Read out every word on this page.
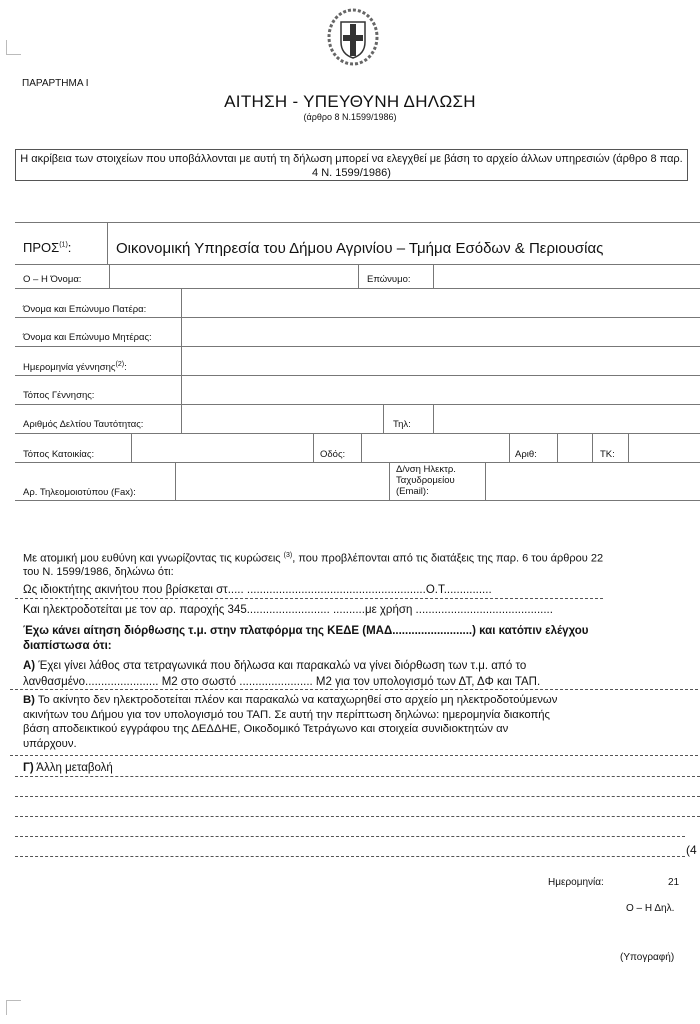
ΠΑΡΑΡΤΗΜΑ Ι
ΑΙΤΗΣΗ - ΥΠΕΥΘΥΝΗ ΔΗΛΩΣΗ
(άρθρο 8 Ν.1599/1986)
Η ακρίβεια των στοιχείων που υποβάλλονται με αυτή τη δήλωση μπορεί να ελεγχθεί με βάση το αρχείο άλλων υπηρεσιών (άρθρο 8 παρ. 4 Ν. 1599/1986)
ΠΡΟΣ$^{(1)}$:	Οικονομική Υπηρεσία του Δήμου Αγρινίου – Τμήμα Εσόδων & Περιουσίας
Ο – Η Όνομα:	Επώνυμο:
Όνομα και Επώνυμο Πατέρα:
Όνομα και Επώνυμο Μητέρας:
Ημερομηνία γέννησης$^{(2)}$:
Τόπος Γέννησης:
Αριθμός Δελτίου Ταυτότητας:	Τηλ:
Τόπος Κατοικίας:	Οδός:	Αριθ:	ΤΚ:
Αρ. Τηλεομοιοτύπου (Fax):
Δ/νση Ηλεκτρ.
Ταχυδρομείου
(Email):
Με ατομική μου ευθύνη και γνωρίζοντας τις κυρώσεις $^{(3)}$, που προβλέπονται από τις διατάξεις της παρ. 6 του άρθρου 22
του Ν. 1599/1986, δηλώνω ότι:
Ως ιδιοκτήτης ακινήτου που βρίσκεται στ..... ........................................................Ο.Τ...............
Και ηλεκτροδοτείται με τον αρ. παροχής 345.......................... ..........με χρήση ...........................................
Έχω κάνει αίτηση διόρθωσης τ.μ. στην πλατφόρμα της ΚΕΔΕ (ΜΑΔ.........................) και κατόπιν ελέγχου
διαπίστωσα ότι:
Α) Έχει γίνει λάθος στα τετραγωνικά που δήλωσα και παρακαλώ να γίνει διόρθωση των τ.μ. από το
λανθασμένο....................... Μ2 στο σωστό ....................... Μ2 για τον υπολογισμό των ΔΤ, ΔΦ και ΤΑΠ.
Β) Το ακίνητο δεν ηλεκτροδοτείται πλέον και παρακαλώ να καταχωρηθεί στο αρχείο μη ηλεκτροδοτούμενων
ακινήτων του Δήμου για τον υπολογισμό του ΤΑΠ. Σε αυτή την περίπτωση δηλώνω: ημερομηνία διακοπής
βάση αποδεικτικού εγγράφου της ΔΕΔΔΗΕ, Οικοδομικό Τετράγωνο και στοιχεία συνιδιοκτητών αν
υπάρχουν.
Γ) Άλλη μεταβολή
(4
Ημερομηνία:	21
Ο – Η Δηλ.
(Υπογραφή)
